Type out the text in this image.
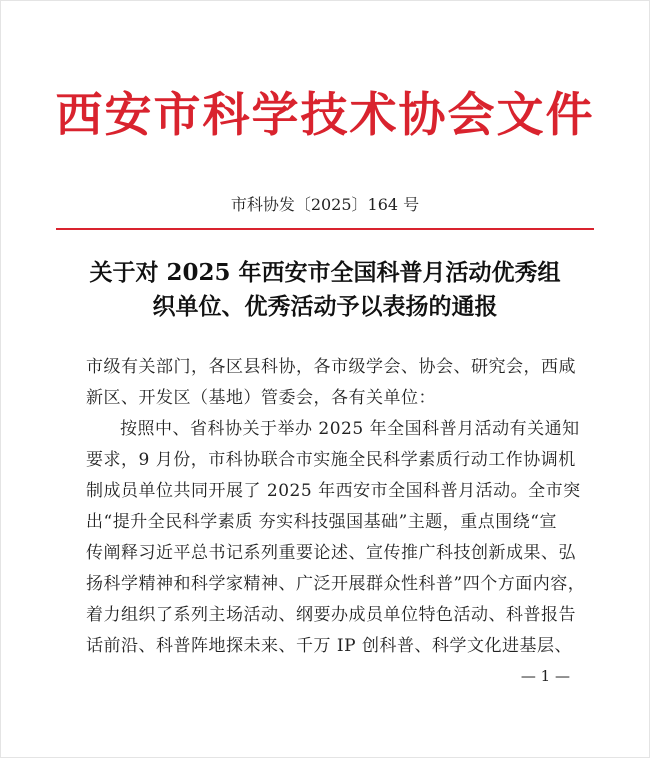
西安市科学技术协会文件
市科协发〔2025〕164 号
关于对 2025 年西安市全国科普月活动优秀组
织单位、优秀活动予以表扬的通报
市级有关部门，各区县科协，各市级学会、协会、研究会，西咸
新区、开发区（基地）管委会，各有关单位：
按照中、省科协关于举办 2025 年全国科普月活动有关通知
要求，9 月份，市科协联合市实施全民科学素质行动工作协调机
制成员单位共同开展了 2025 年西安市全国科普月活动。全市突
出“提升全民科学素质 夯实科技强国基础”主题，重点围绕“宣
传阐释习近平总书记系列重要论述、宣传推广科技创新成果、弘
扬科学精神和科学家精神、广泛开展群众性科普”四个方面内容，
着力组织了系列主场活动、纲要办成员单位特色活动、科普报告
话前沿、科普阵地探未来、千万 IP 创科普、科学文化进基层、
— 1 —
